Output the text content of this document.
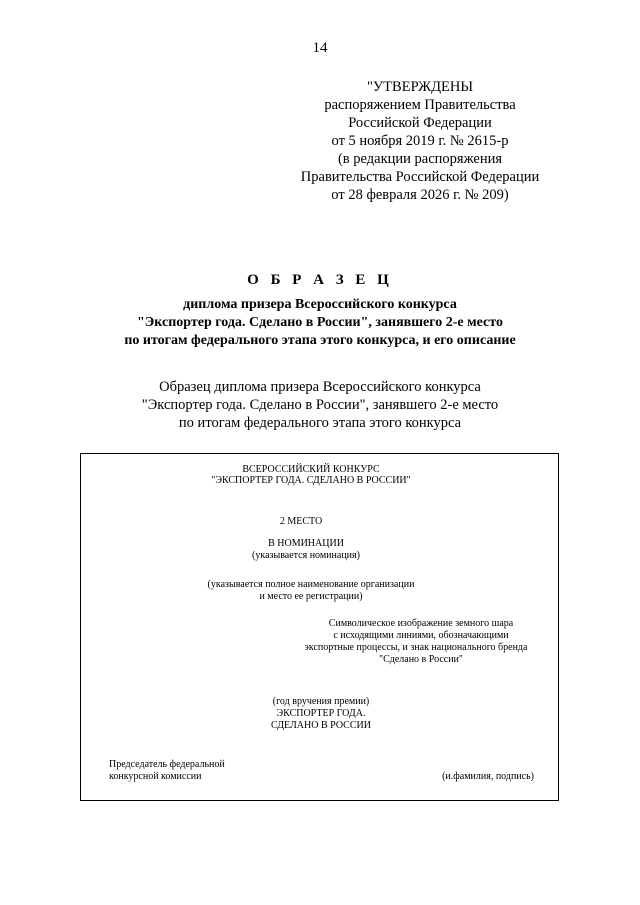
14
"УТВЕРЖДЕНЫ
распоряжением Правительства
Российской Федерации
от 5 ноября 2019 г. № 2615-р
(в редакции распоряжения
Правительства Российской Федерации
от 28 февраля 2026 г. № 209)
О Б Р А З Е Ц
диплома призера Всероссийского конкурса
"Экспортер года. Сделано в России", занявшего 2-е место
по итогам федерального этапа этого конкурса, и его описание
Образец диплома призера Всероссийского конкурса
"Экспортер года. Сделано в России", занявшего 2-е место
по итогам федерального этапа этого конкурса
ВСЕРОССИЙСКИЙ КОНКУРС
"ЭКСПОРТЕР ГОДА. СДЕЛАНО В РОССИИ"
2 МЕСТО
В НОМИНАЦИИ
(указывается номинация)
(указывается полное наименование организации
и место ее регистрации)
Символическое изображение земного шара
с исходящими линиями, обозначающими
экспортные процессы, и знак национального бренда
"Сделано в России"
(год вручения премии)
ЭКСПОРТЕР ГОДА.
СДЕЛАНО В РОССИИ
Председатель федеральной
конкурсной комиссии	(и.фамилия, подпись)
